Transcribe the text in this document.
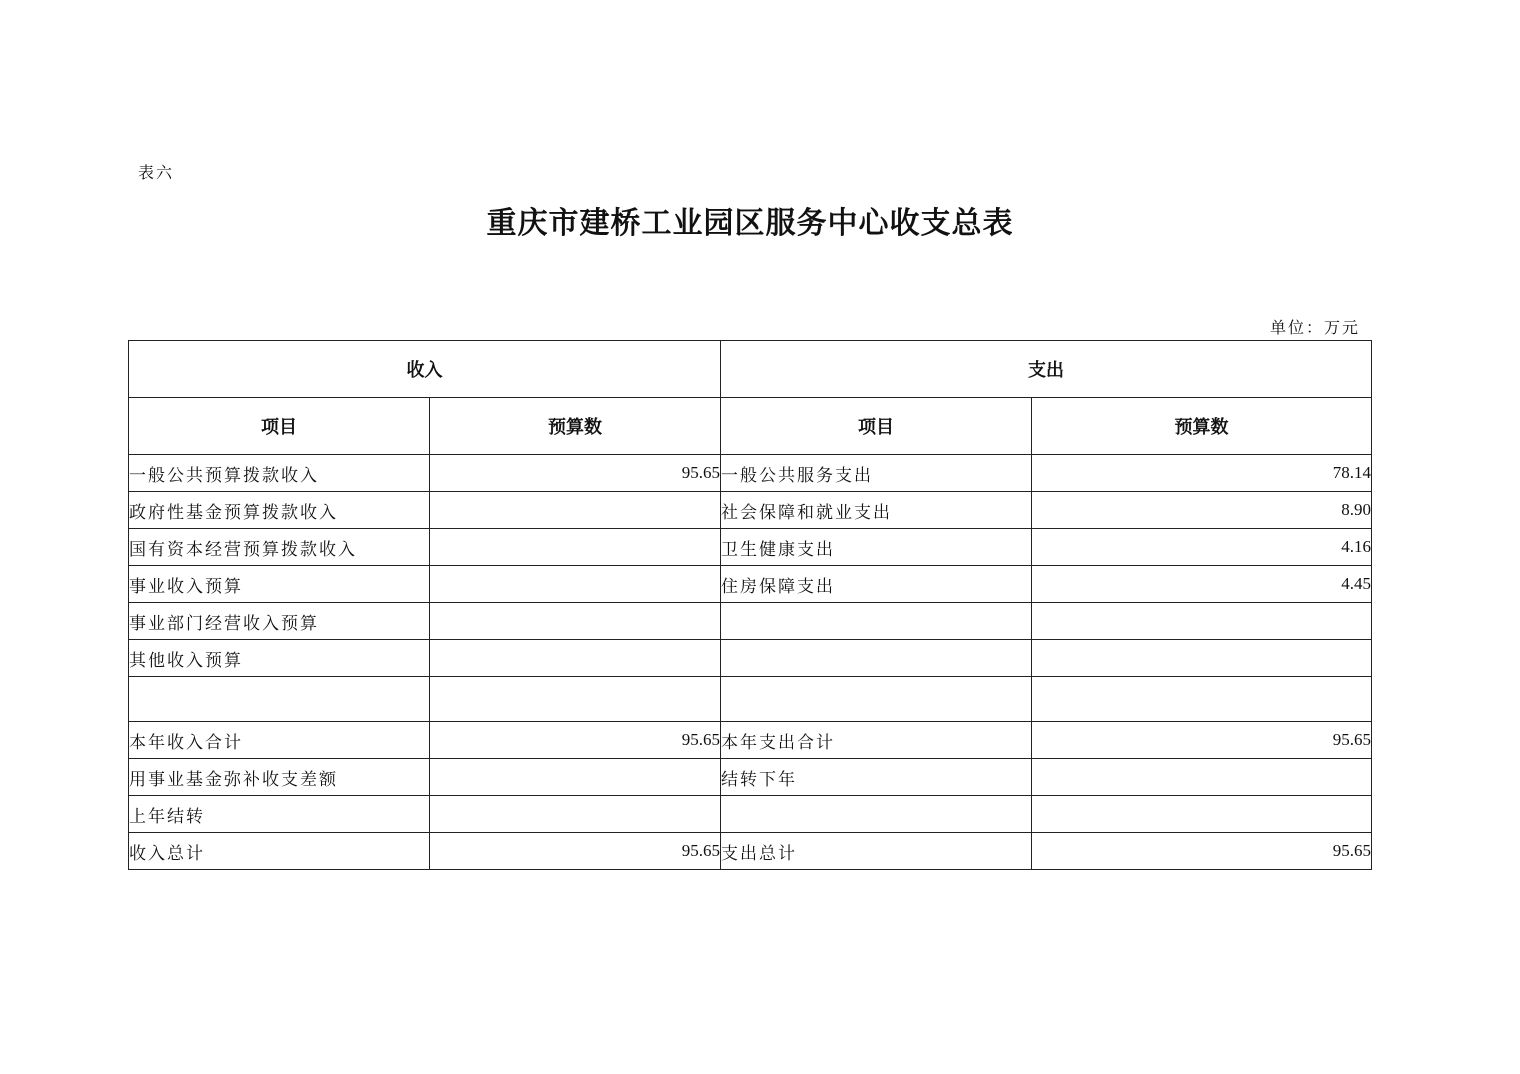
表六
重庆市建桥工业园区服务中心收支总表
单位：万元
收入		支出	
项目	预算数	项目	预算数
一般公共预算拨款收入	95.65	一般公共服务支出	78.14
政府性基金预算拨款收入		社会保障和就业支出	8.90
国有资本经营预算拨款收入		卫生健康支出	4.16
事业收入预算		住房保障支出	4.45
事业部门经营收入预算			
其他收入预算			

本年收入合计	95.65	本年支出合计	95.65
用事业基金弥补收支差额		结转下年	
上年结转			
收入总计	95.65	支出总计	95.65
